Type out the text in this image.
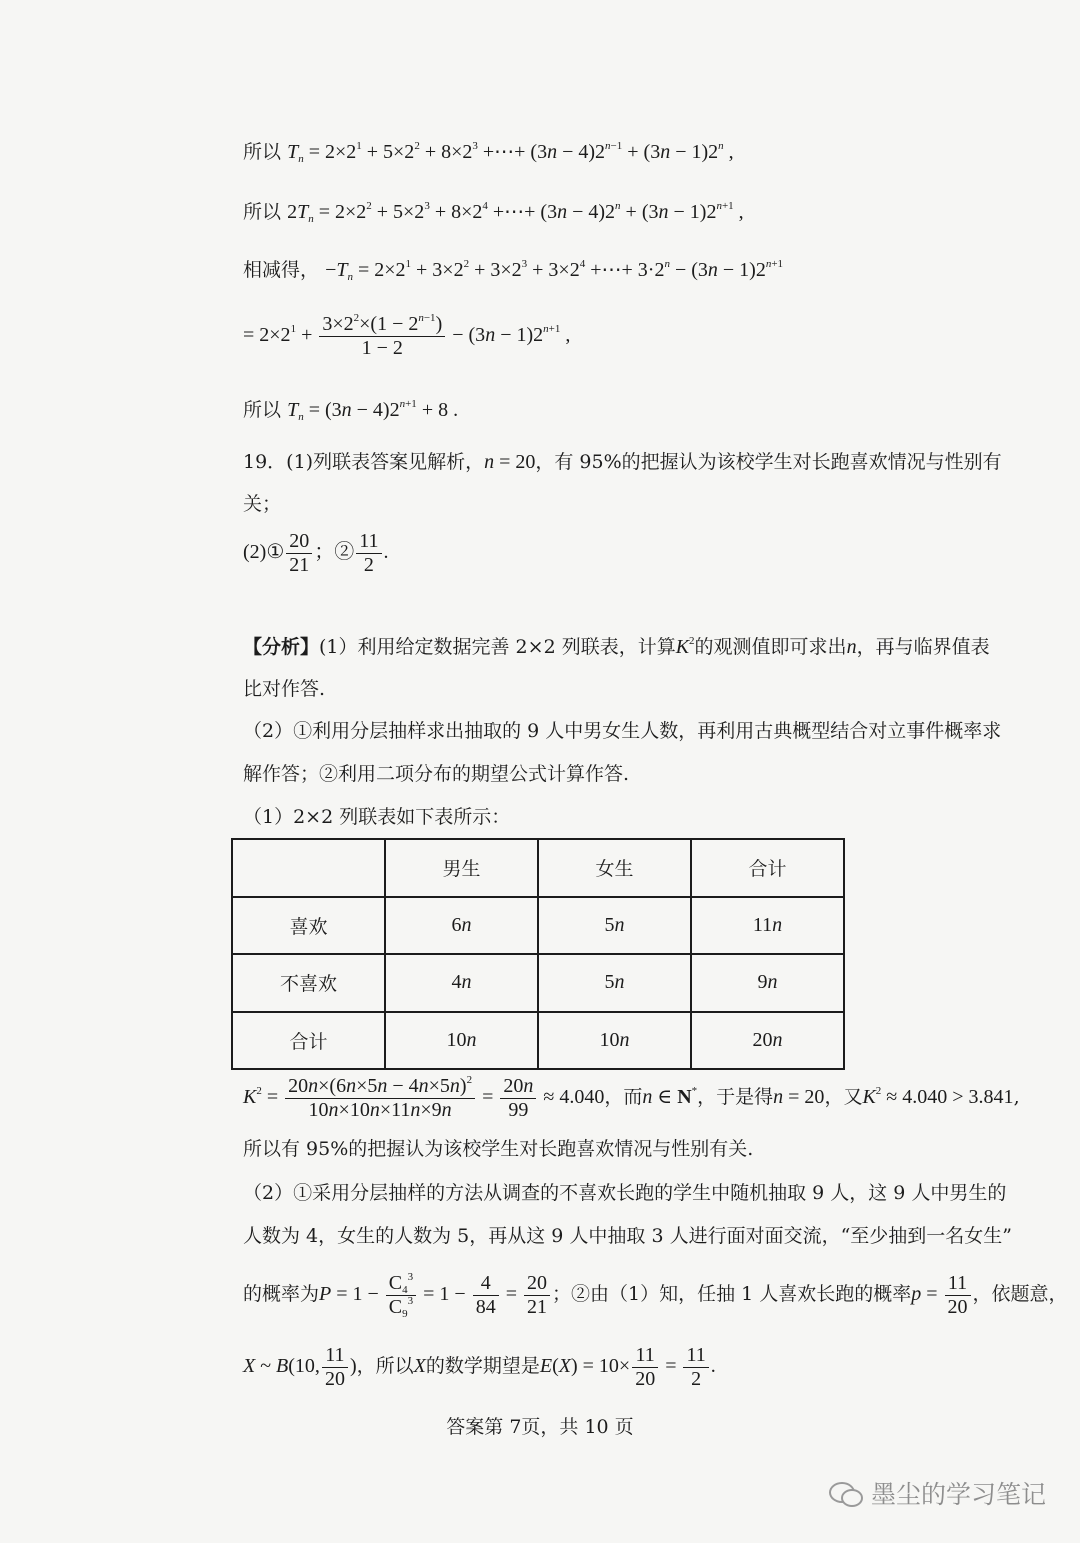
所以 $T_n = 2\times 2^1 + 5\times 2^2 + 8\times 2^3$ +⋯+ $(3n - 4)2^{n-1} + (3n - 1)2^n$ ,
所以 $2T_n = 2\times 2^2 + 5\times 2^3 + 8\times 2^4$ +⋯+ $(3n - 4)2^n + (3n - 1)2^{n+1}$ ,
相减得， $-T_n = 2\times 2^1 + 3\times 2^2 + 3\times 2^3 + 3\times 2^4$ +⋯+ $3\cdot 2^n - (3n - 1)2^{n+1}$
= $2\times 2^1 + \frac{3\times 2^2\times(1 - 2^{n-1})}{1 - 2} - (3n - 1)2^{n+1}$ ,
所以 $T_n = (3n - 4)2^{n+1} + 8$ .
19．(1)列联表答案见解析，n = 20，有 95%的把握认为该校学生对长跑喜欢情况与性别有
关；
(2)① $\frac{20}{21}$ ；② $\frac{11}{2}$ .
【分析】(1）利用给定数据完善 2×2 列联表，计算$K^2$的观测值即可求出n，再与临界值表
比对作答.
（2）①利用分层抽样求出抽取的 9 人中男女生人数，再利用古典概型结合对立事件概率求
解作答；②利用二项分布的期望公式计算作答.
（1）2×2 列联表如下表所示：
	男生	女生	合计
喜欢	6n	5n	11n
不喜欢	4n	5n	9n
合计	10n	10n	20n
$K^2 = \frac{20n\times(6n\times 5n - 4n\times 5n)^2}{10n\times 10n\times 11n\times 9n} = \frac{20n}{99} \approx 4.040$，而n ∈ N*，于是得n = 20，又$K^2 \approx 4.040 > 3.841$,
所以有 95%的把握认为该校学生对长跑喜欢情况与性别有关.
（2）①采用分层抽样的方法从调查的不喜欢长跑的学生中随机抽取 9 人，这 9 人中男生的
人数为 4，女生的人数为 5，再从这 9 人中抽取 3 人进行面对面交流，“至少抽到一名女生”
的概率为$P = 1 - \frac{C_4^3}{C_9^3} = 1 - \frac{4}{84} = \frac{20}{21}$ ；②由（1）知，任抽 1 人喜欢长跑的概率$p = \frac{11}{20}$ ，依题意，
X ~ B(10, $\frac{11}{20}$ )，所以X的数学期望是$E(X) = 10\times \frac{11}{20} = \frac{11}{2}$ .
答案第 7页，共 10 页
墨尘的学习笔记
